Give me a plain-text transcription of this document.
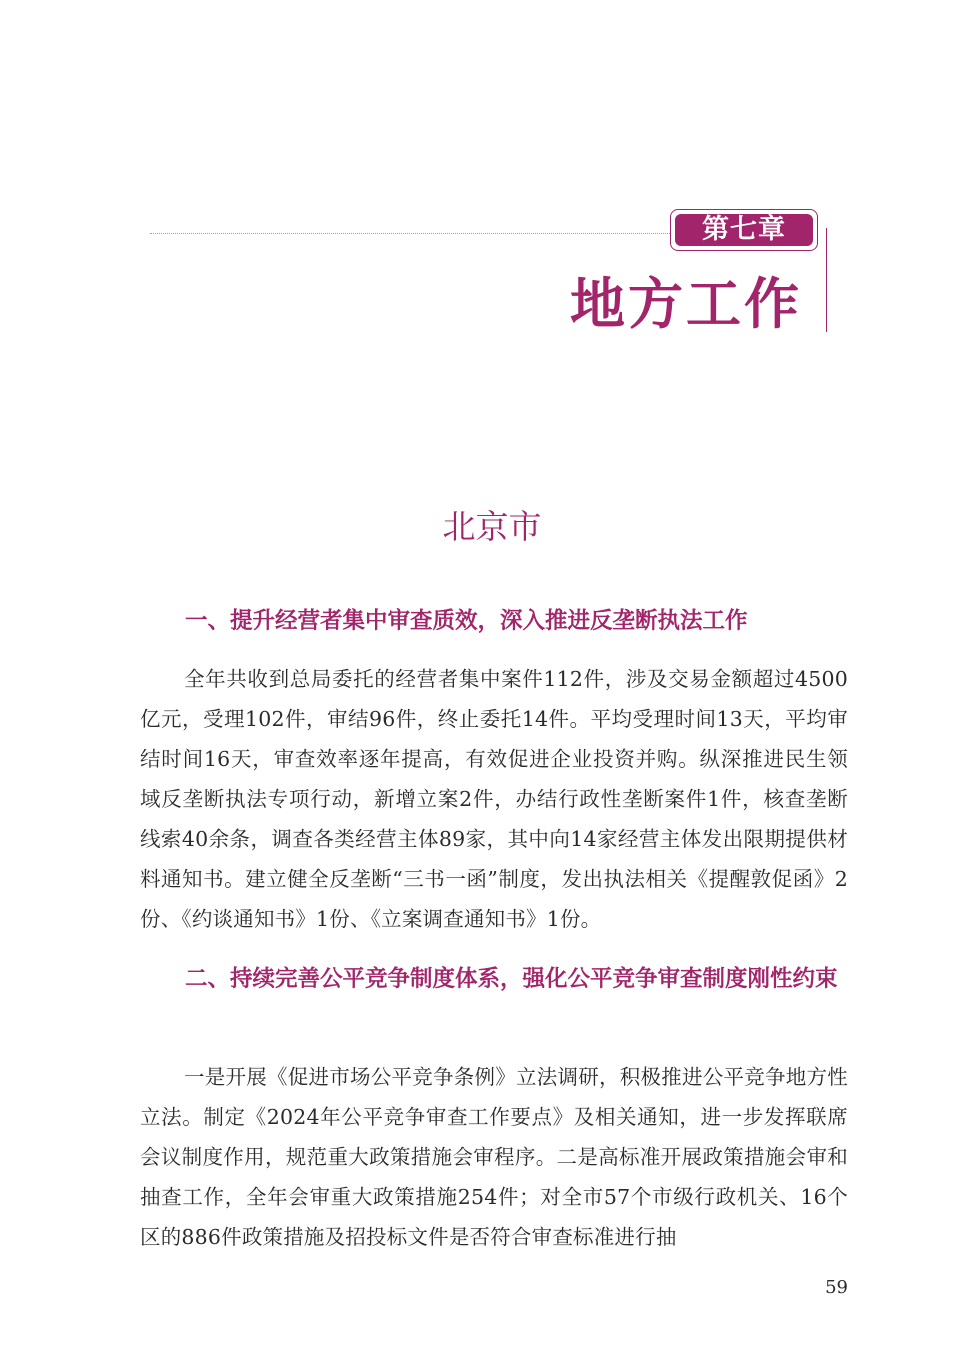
第七章
地方工作
北京市
一、提升经营者集中审查质效，深入推进反垄断执法工作

全年共收到总局委托的经营者集中案件112件，涉及交易金额超过4500亿元，受理102件，审结96件，终止委托14件。平均受理时间13天，平均审结时间16天，审查效率逐年提高，有效促进企业投资并购。纵深推进民生领域反垄断执法专项行动，新增立案2件，办结行政性垄断案件1件，核查垄断线索40余条，调查各类经营主体89家，其中向14家经营主体发出限期提供材料通知书。建立健全反垄断“三书一函”制度，发出执法相关《提醒敦促函》2份、《约谈通知书》1份、《立案调查通知书》1份。

二、持续完善公平竞争制度体系，强化公平竞争审查制度刚性约束

一是开展《促进市场公平竞争条例》立法调研，积极推进公平竞争地方性立法。制定《2024年公平竞争审查工作要点》及相关通知，进一步发挥联席会议制度作用，规范重大政策措施会审程序。二是高标准开展政策措施会审和抽查工作，全年会审重大政策措施254件；对全市57个市级行政机关、16个区的886件政策措施及招投标文件是否符合审查标准进行抽

59
